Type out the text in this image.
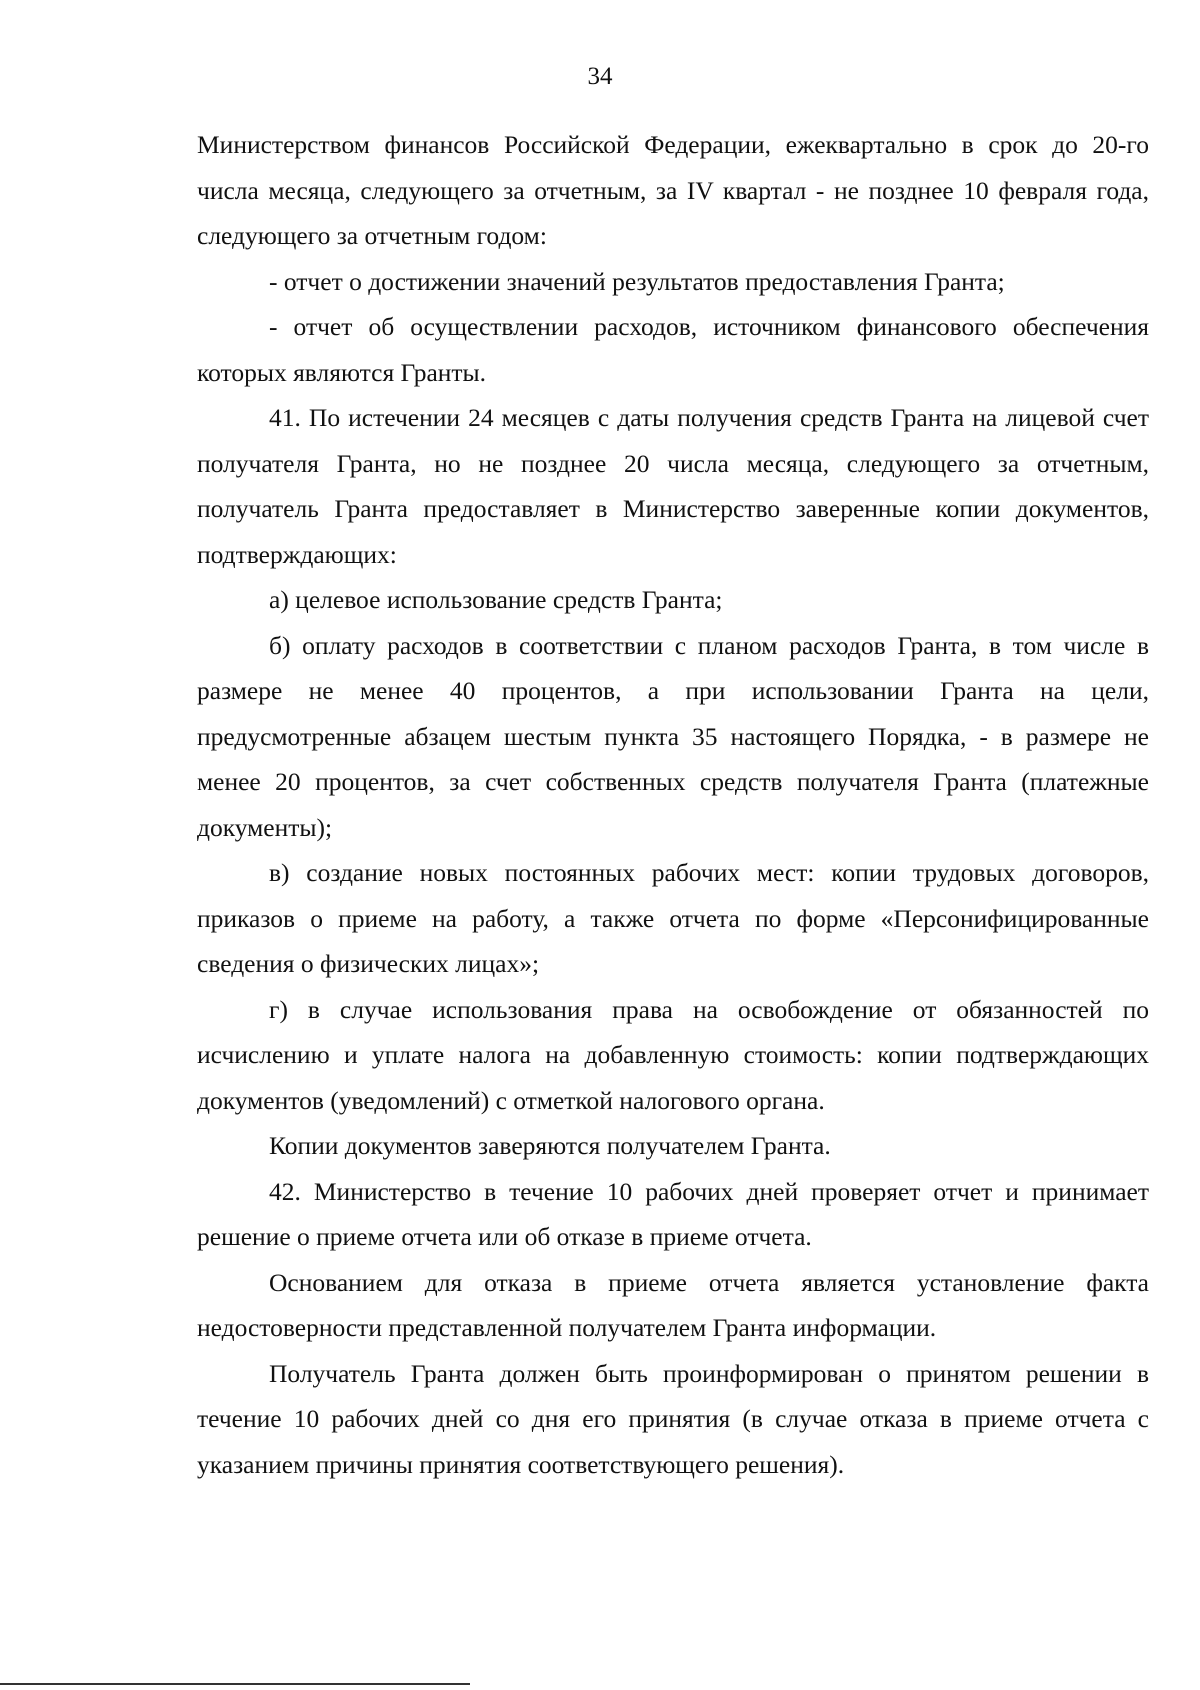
34

Министерством финансов Российской Федерации, ежеквартально в срок до 20-го числа месяца, следующего за отчетным, за IV квартал - не позднее 10 февраля года, следующего за отчетным годом:

- отчет о достижении значений результатов предоставления Гранта;

- отчет об осуществлении расходов, источником финансового обеспечения которых являются Гранты.

41. По истечении 24 месяцев с даты получения средств Гранта на лицевой счет получателя Гранта, но не позднее 20 числа месяца, следующего за отчетным, получатель Гранта предоставляет в Министерство заверенные копии документов, подтверждающих:

а) целевое использование средств Гранта;

б) оплату расходов в соответствии с планом расходов Гранта, в том числе в размере не менее 40 процентов, а при использовании Гранта на цели, предусмотренные абзацем шестым пункта 35 настоящего Порядка, - в размере не менее 20 процентов, за счет собственных средств получателя Гранта (платежные документы);

в) создание новых постоянных рабочих мест: копии трудовых договоров, приказов о приеме на работу, а также отчета по форме «Персонифицированные сведения о физических лицах»;

г) в случае использования права на освобождение от обязанностей по исчислению и уплате налога на добавленную стоимость: копии подтверждающих документов (уведомлений) с отметкой налогового органа.

Копии документов заверяются получателем Гранта.

42. Министерство в течение 10 рабочих дней проверяет отчет и принимает решение о приеме отчета или об отказе в приеме отчета.

Основанием для отказа в приеме отчета является установление факта недостоверности представленной получателем Гранта информации.

Получатель Гранта должен быть проинформирован о принятом решении в течение 10 рабочих дней со дня его принятия (в случае отказа в приеме отчета с указанием причины принятия соответствующего решения).
